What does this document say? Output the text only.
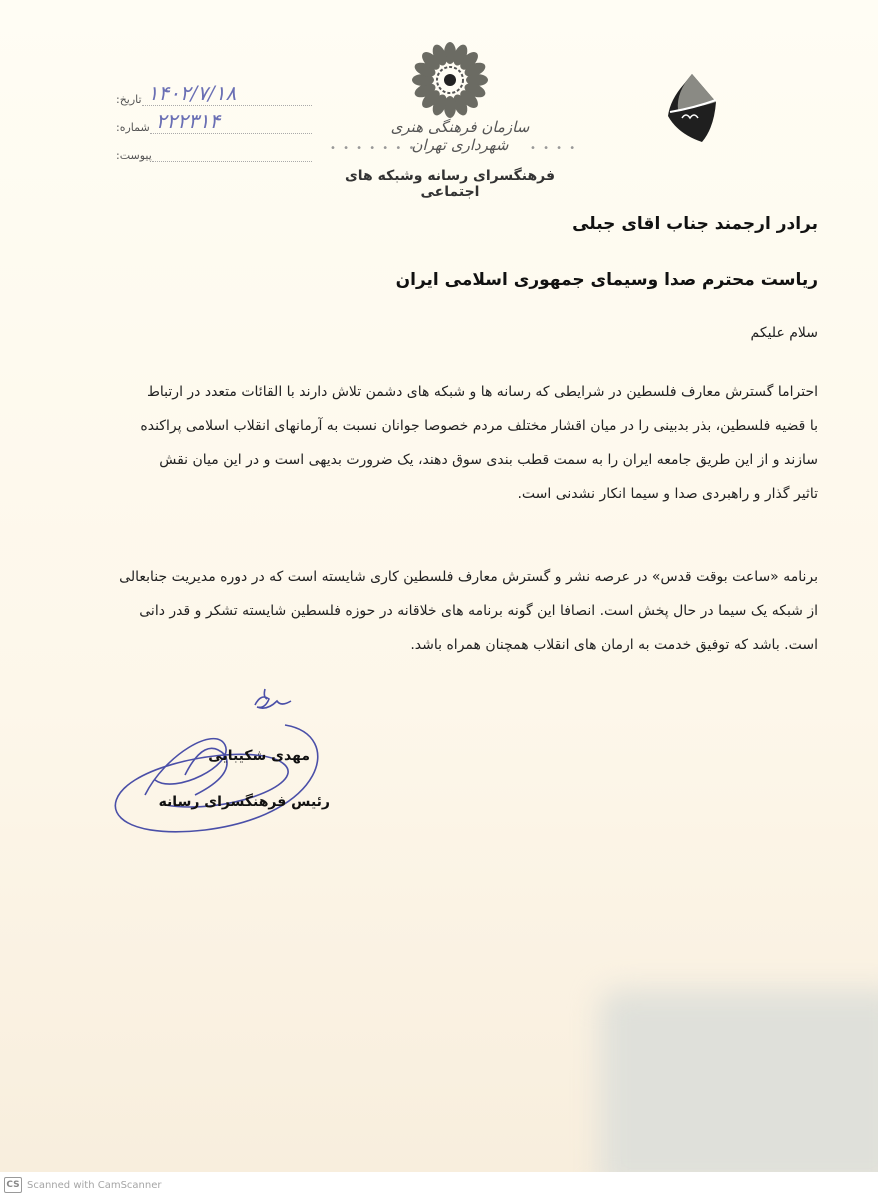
تاریخ: ۱۴۰۲/۷/۱۸
شماره: ۲۲۲۳۱۴
پیوست:
• • • • • • •
سازمان فرهنگی هنری شهرداری تهران	• • • •
فرهنگسرای رسانه وشبکه های اجتماعی
برادر ارجمند جناب اقای جبلی
ریاست محترم صدا وسیمای جمهوری اسلامی ایران
سلام علیکم
احتراما گسترش معارف فلسطین در شرایطی که رسانه ها و شبکه های دشمن تلاش دارند با القائات متعدد در ارتباط
با قضیه فلسطین، بذر بدبینی را در میان اقشار مختلف مردم خصوصا جوانان نسبت به آرمانهای انقلاب اسلامی پراکنده
سازند و از این طریق جامعه ایران را به سمت قطب بندی سوق دهند، یک ضرورت بدیهی است و در این میان نقش
تاثیر گذار و راهبردی صدا و سیما انکار نشدنی است.
برنامه «ساعت بوقت قدس» در عرصه نشر و گسترش معارف فلسطین کاری شایسته است که در دوره مدیریت جنابعالی
از شبکه یک سیما در حال پخش است. انصافا این گونه برنامه های خلاقانه در حوزه فلسطین شایسته تشکر و قدر دانی
است. باشد که توفیق خدمت به ارمان های انقلاب همچنان همراه باشد.
مهدی شکیبایی
رئیس فرهنگسرای رسانه
CS Scanned with CamScanner
